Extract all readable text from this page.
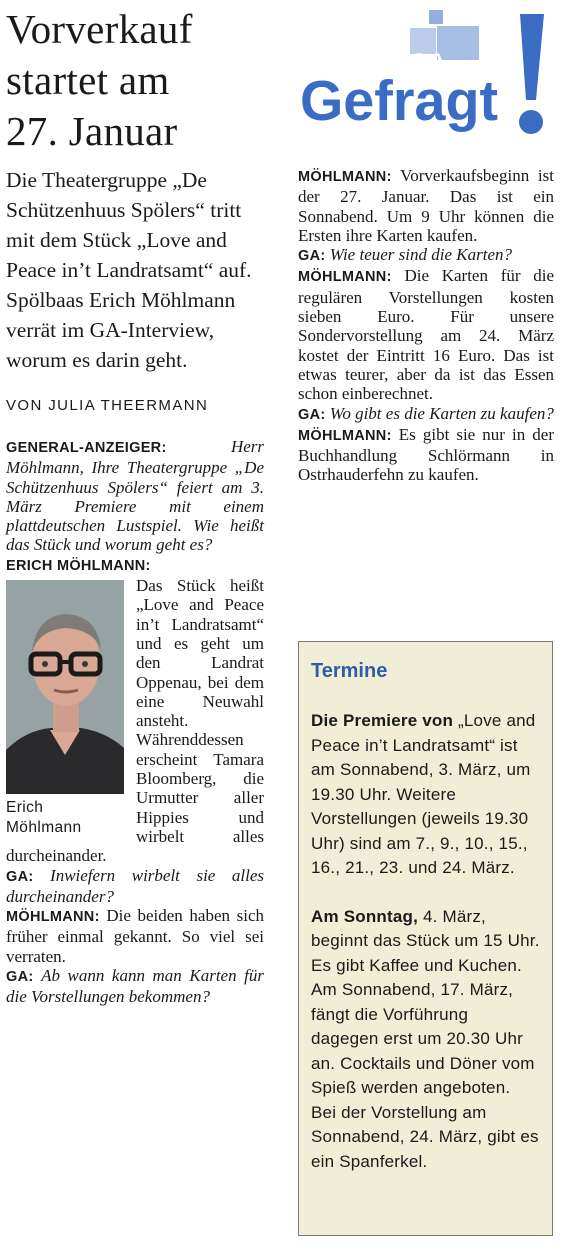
Vorverkauf
startet am
27. Januar

Die Theatergruppe „De Schützenhuus Spölers“ tritt mit dem Stück „Love and Peace in’t Landratsamt“ auf. Spölbaas Erich Möhlmann verrät im GA-Interview, worum es darin geht.

VON JULIA THEERMANN

GENERAL-ANZEIGER:	Herr Möhlmann, Ihre Theatergruppe „De Schützenhuus Spölers“ feiert am 3. März Premiere mit einem plattdeutschen Lustspiel. Wie heißt das Stück und worum geht es?

ERICH MÖHLMANN:

Erich
Möhlmann

Das Stück heißt „Love and Peace in’t Landratsamt“ und es geht um den Landrat Oppenau, bei dem eine Neuwahl ansteht. Währenddessen erscheint Tamara Bloomberg, die Urmutter aller Hippies und wirbelt alles durcheinander.

GA: Inwiefern wirbelt sie alles durcheinander?

MÖHLMANN: Die beiden haben sich früher einmal gekannt. So viel sei verraten.

GA: Ab wann kann man Karten für die Vorstellungen bekommen?

GA
Gefragt

MÖHLMANN: Vorverkaufsbeginn ist der 27. Januar. Das ist ein Sonnabend. Um 9 Uhr können die Ersten ihre Karten kaufen.

GA: Wie teuer sind die Karten?

MÖHLMANN: Die Karten für die regulären Vorstellungen kosten sieben Euro. Für unsere Sondervorstellung am 24. März kostet der Eintritt 16 Euro. Das ist etwas teurer, aber da ist das Essen schon einberechnet.

GA: Wo gibt es die Karten zu kaufen?

MÖHLMANN: Es gibt sie nur in der Buchhandlung Schlörmann in Ostrhauderfehn zu kaufen.

Termine

Die Premiere von „Love and Peace in’t Landratsamt“ ist am Sonnabend, 3. März, um 19.30 Uhr. Weitere Vorstellungen (jeweils 19.30 Uhr) sind am 7., 9., 10., 15., 16., 21., 23. und 24. März.

Am Sonntag, 4. März, beginnt das Stück um 15 Uhr. Es gibt Kaffee und Kuchen. Am Sonnabend, 17. März, fängt die Vorführung dagegen erst um 20.30 Uhr an. Cocktails und Döner vom Spieß werden angeboten. Bei der Vorstellung am Sonnabend, 24. März, gibt es ein Spanferkel.
